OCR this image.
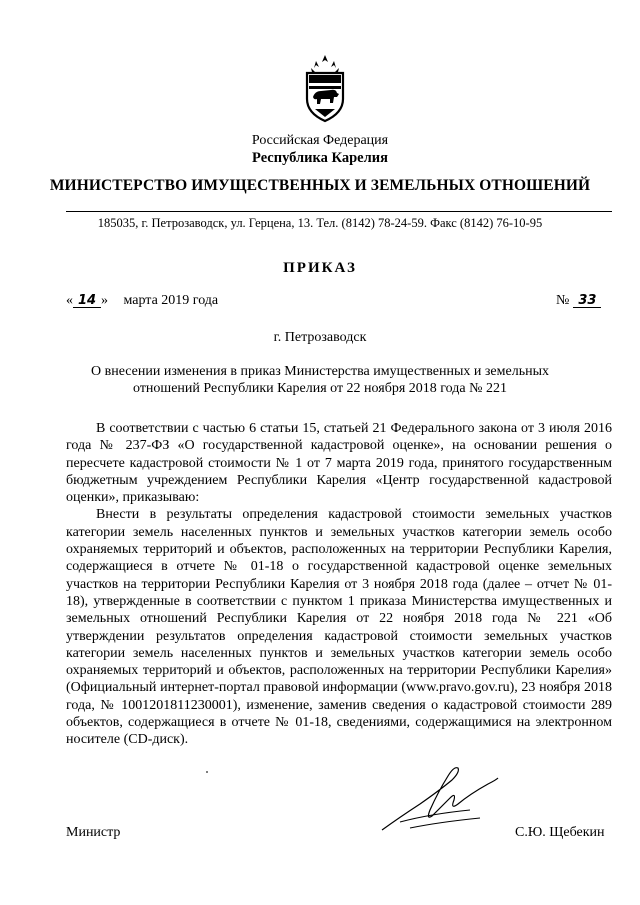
Российская Федерация
Республика Карелия
МИНИСТЕРСТВО ИМУЩЕСТВЕННЫХ И ЗЕМЕЛЬНЫХ ОТНОШЕНИЙ
185035, г. Петрозаводск, ул. Герцена, 13. Тел. (8142) 78-24-59. Факс (8142) 76-10-95
ПРИКАЗ
« 14 » марта 2019 года	№ 33
г. Петрозаводск
О внесении изменения в приказ Министерства имущественных и земельных
отношений Республики Карелия от 22 ноября 2018 года № 221

В соответствии с частью 6 статьи 15, статьей 21 Федерального закона от 3 июля 2016 года № 237-ФЗ «О государственной кадастровой оценке», на основании решения о пересчете кадастровой стоимости № 1 от 7 марта 2019 года, принятого государственным бюджетным учреждением Республики Карелия «Центр государственной кадастровой оценки», приказываю:

Внести в результаты определения кадастровой стоимости земельных участков категории земель населенных пунктов и земельных участков категории земель особо охраняемых территорий и объектов, расположенных на территории Республики Карелия, содержащиеся в отчете № 01-18 о государственной кадастровой оценке земельных участков на территории Республики Карелия от 3 ноября 2018 года (далее – отчет № 01-18), утвержденные в соответствии с пунктом 1 приказа Министерства имущественных и земельных отношений Республики Карелия от 22 ноября 2018 года № 221 «Об утверждении результатов определения кадастровой стоимости земельных участков категории земель населенных пунктов и земельных участков категории земель особо охраняемых территорий и объектов, расположенных на территории Республики Карелия» (Официальный интернет-портал правовой информации (www.pravo.gov.ru), 23 ноября 2018 года, № 1001201811230001), изменение, заменив сведения о кадастровой стоимости 289 объектов, содержащиеся в отчете № 01-18, сведениями, содержащимися на электронном носителе (CD-диск).

Министр	С.Ю. Щебекин
